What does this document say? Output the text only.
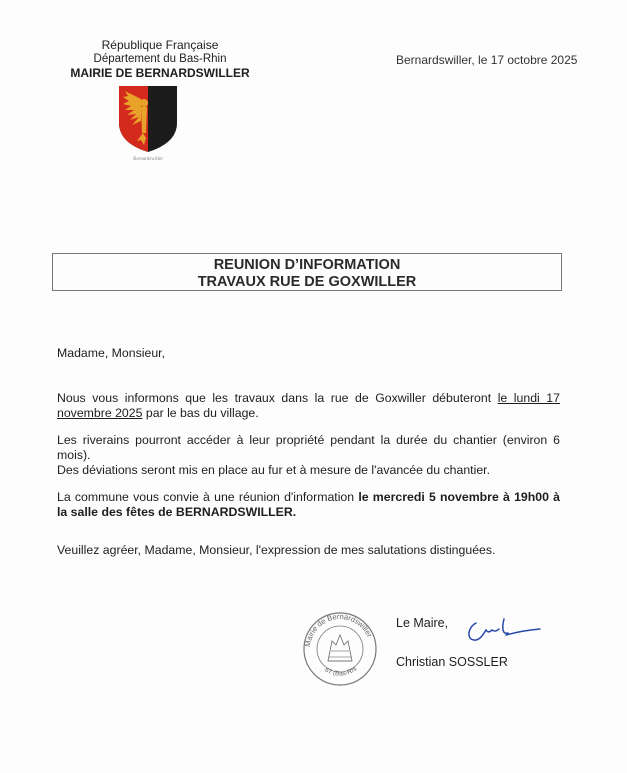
République Française
Département du Bas-Rhin
MAIRIE DE BERNARDSWILLER
Bernardswiller
Bernardswiller, le 17 octobre 2025
REUNION D’INFORMATION
TRAVAUX RUE DE GOXWILLER
Madame, Monsieur,
Nous vous informons que les travaux dans la rue de Goxwiller débuteront le lundi 17 novembre 2025 par le bas du village.
Les riverains pourront accéder à leur propriété pendant la durée du chantier (environ 6 mois).
Des déviations seront mis en place au fur et à mesure de l'avancée du chantier.
La commune vous convie à une réunion d'information le mercredi 5 novembre à 19h00 à la salle des fêtes de BERNARDSWILLER.
Veuillez agréer, Madame, Monsieur, l'expression de mes salutations distinguées.
Mairie de Bernardswiller
67 (Bas-Rhi
Le Maire,
Christian SOSSLER
